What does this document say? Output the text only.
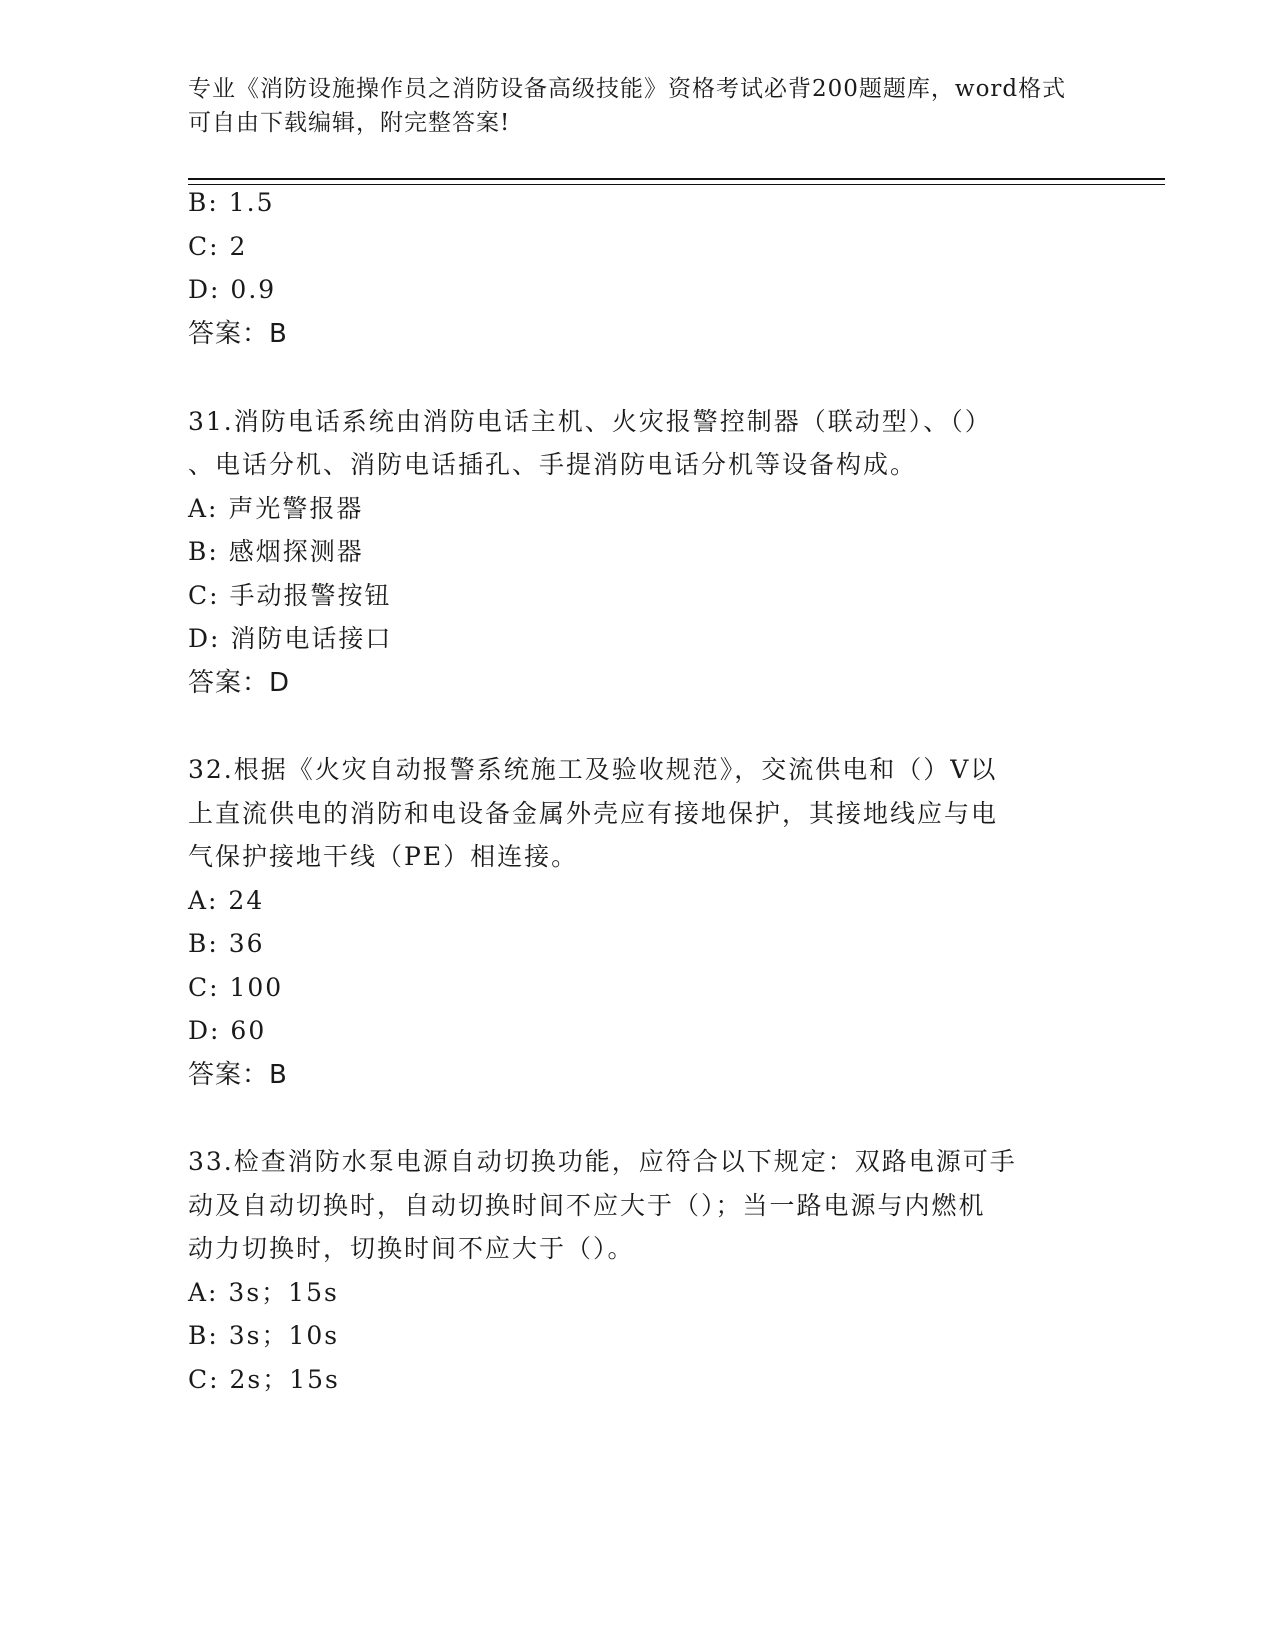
专业《消防设施操作员之消防设备高级技能》资格考试必背200题题库，word格式可自由下载编辑，附完整答案!
B: 1.5
C: 2
D: 0.9
答案：B
31.消防电话系统由消防电话主机、火灾报警控制器（联动型）、（）
、电话分机、消防电话插孔、手提消防电话分机等设备构成。
A: 声光警报器
B: 感烟探测器
C: 手动报警按钮
D: 消防电话接口
答案：D
32.根据《火灾自动报警系统施工及验收规范》，交流供电和（）V以
上直流供电的消防和电设备金属外壳应有接地保护，其接地线应与电
气保护接地干线（PE）相连接。
A: 24
B: 36
C: 100
D: 60
答案：B
33.检查消防水泵电源自动切换功能，应符合以下规定：双路电源可手
动及自动切换时，自动切换时间不应大于（）；当一路电源与内燃机
动力切换时，切换时间不应大于（）。
A: 3s；15s
B: 3s；10s
C: 2s；15s
